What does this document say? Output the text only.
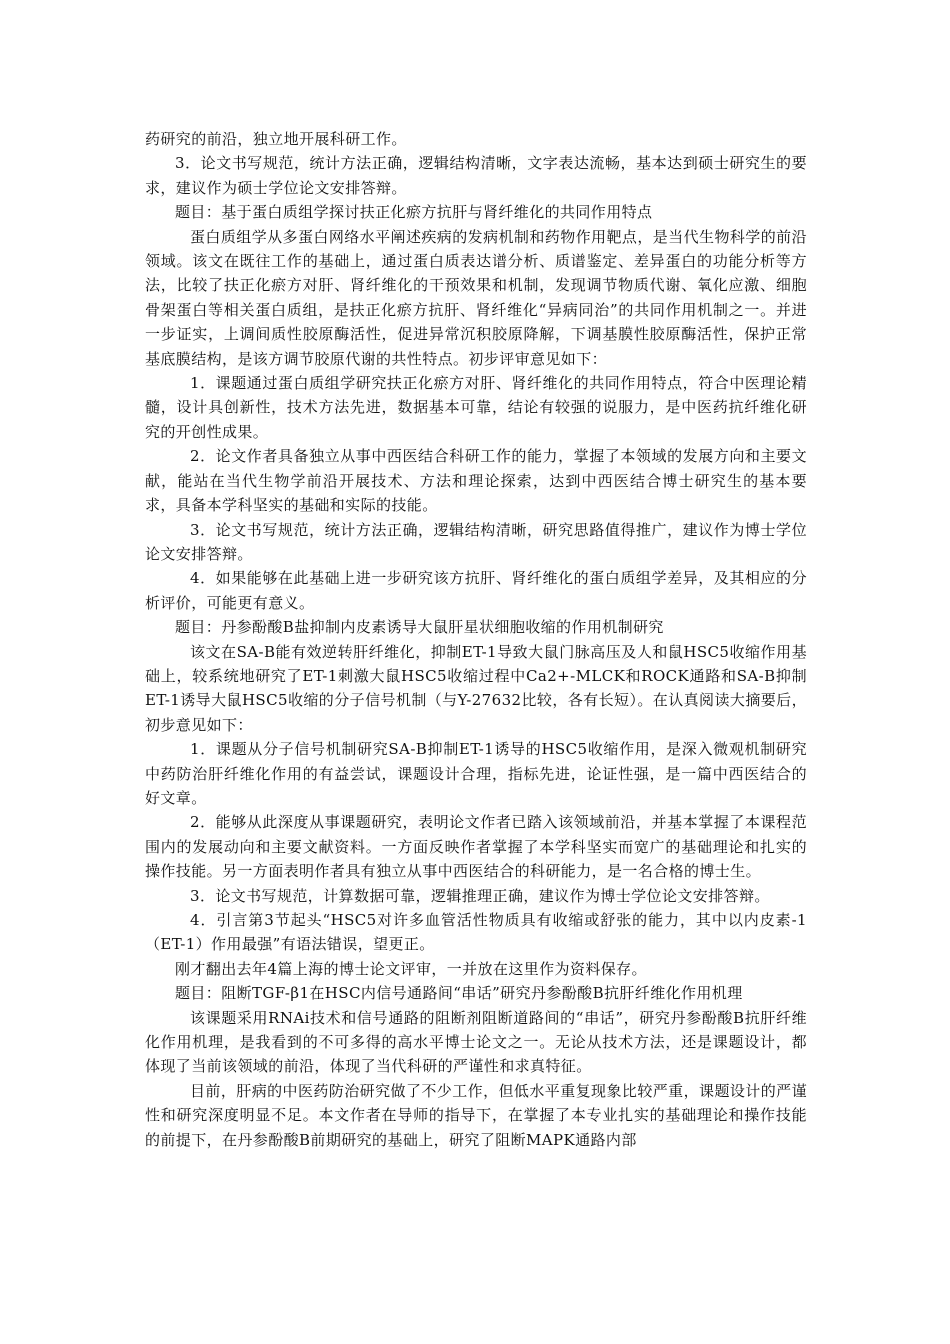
药研究的前沿，独立地开展科研工作。

3．论文书写规范，统计方法正确，逻辑结构清晰，文字表达流畅，基本达到硕士研究生的要求，建议作为硕士学位论文安排答辩。

题目：基于蛋白质组学探讨扶正化瘀方抗肝与肾纤维化的共同作用特点

蛋白质组学从多蛋白网络水平阐述疾病的发病机制和药物作用靶点，是当代生物科学的前沿领域。该文在既往工作的基础上，通过蛋白质表达谱分析、质谱鉴定、差异蛋白的功能分析等方法，比较了扶正化瘀方对肝、肾纤维化的干预效果和机制，发现调节物质代谢、氧化应激、细胞骨架蛋白等相关蛋白质组，是扶正化瘀方抗肝、肾纤维化“异病同治”的共同作用机制之一。并进一步证实，上调间质性胶原酶活性，促进异常沉积胶原降解，下调基膜性胶原酶活性，保护正常基底膜结构，是该方调节胶原代谢的共性特点。初步评审意见如下：

1．课题通过蛋白质组学研究扶正化瘀方对肝、肾纤维化的共同作用特点，符合中医理论精髓，设计具创新性，技术方法先进，数据基本可靠，结论有较强的说服力，是中医药抗纤维化研究的开创性成果。

2．论文作者具备独立从事中西医结合科研工作的能力，掌握了本领域的发展方向和主要文献，能站在当代生物学前沿开展技术、方法和理论探索，达到中西医结合博士研究生的基本要求，具备本学科坚实的基础和实际的技能。

3．论文书写规范，统计方法正确，逻辑结构清晰，研究思路值得推广，建议作为博士学位论文安排答辩。

4．如果能够在此基础上进一步研究该方抗肝、肾纤维化的蛋白质组学差异，及其相应的分析评价，可能更有意义。

题目：丹参酚酸B盐抑制内皮素诱导大鼠肝星状细胞收缩的作用机制研究

该文在SA-B能有效逆转肝纤维化，抑制ET-1导致大鼠门脉高压及人和鼠HSC5收缩作用基础上，较系统地研究了ET-1刺激大鼠HSC5收缩过程中Ca2+-MLCK和ROCK通路和SA-B抑制ET-1诱导大鼠HSC5收缩的分子信号机制（与Y-27632比较，各有长短）。在认真阅读大摘要后，初步意见如下：

1．课题从分子信号机制研究SA-B抑制ET-1诱导的HSC5收缩作用，是深入微观机制研究中药防治肝纤维化作用的有益尝试，课题设计合理，指标先进，论证性强，是一篇中西医结合的好文章。

2．能够从此深度从事课题研究，表明论文作者已踏入该领域前沿，并基本掌握了本课程范围内的发展动向和主要文献资料。一方面反映作者掌握了本学科坚实而宽广的基础理论和扎实的操作技能。另一方面表明作者具有独立从事中西医结合的科研能力，是一名合格的博士生。

3．论文书写规范，计算数据可靠，逻辑推理正确，建议作为博士学位论文安排答辩。

4．引言第3节起头“HSC5对许多血管活性物质具有收缩或舒张的能力，其中以内皮素-1（ET-1）作用最强”有语法错误，望更正。

刚才翻出去年4篇上海的博士论文评审，一并放在这里作为资料保存。

题目：阻断TGF-β1在HSC内信号通路间“串话”研究丹参酚酸B抗肝纤维化作用机理

该课题采用RNAi技术和信号通路的阻断剂阻断道路间的“串话”，研究丹参酚酸B抗肝纤维化作用机理，是我看到的不可多得的高水平博士论文之一。无论从技术方法，还是课题设计，都体现了当前该领域的前沿，体现了当代科研的严谨性和求真特征。

目前，肝病的中医药防治研究做了不少工作，但低水平重复现象比较严重，课题设计的严谨性和研究深度明显不足。本文作者在导师的指导下，在掌握了本专业扎实的基础理论和操作技能的前提下，在丹参酚酸B前期研究的基础上，研究了阻断MAPK通路内部
